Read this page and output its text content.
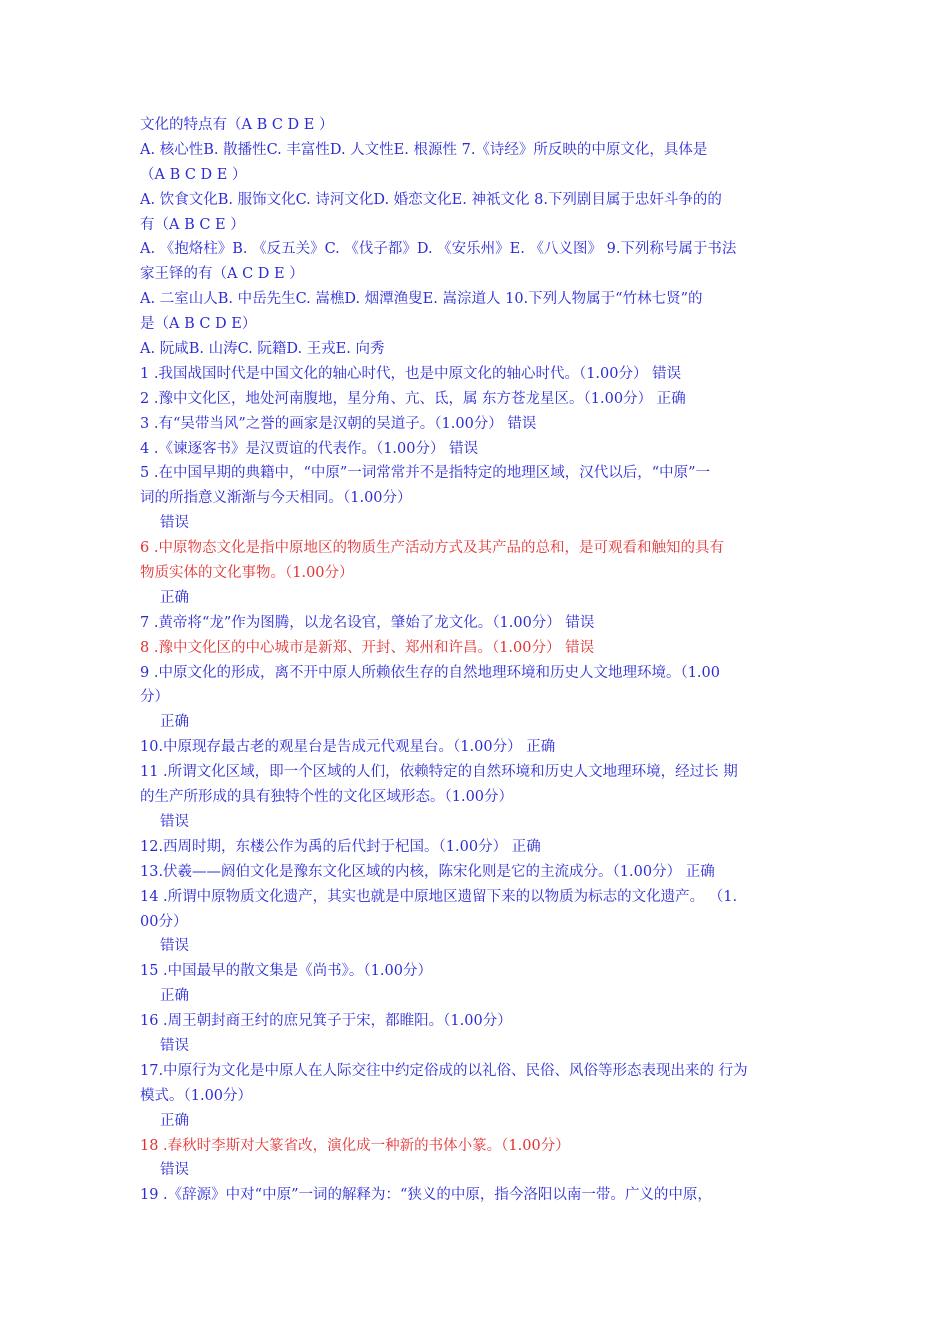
文化的特点有（A B C D E ）
A. 核心性B. 散播性C. 丰富性D. 人文性E. 根源性 7.《诗经》所反映的中原文化，具体是
（A B C D E ）
A. 饮食文化B. 服饰文化C. 诗河文化D. 婚恋文化E. 神祇文化 8.下列剧目属于忠奸斗争的的
有（A B C E ）
A. 《抱烙柱》B. 《反五关》C. 《伐子都》D. 《安乐州》E. 《八义图》 9.下列称号属于书法
家王铎的有（A C D E ）
A. 二室山人B. 中岳先生C. 嵩樵D. 烟潭渔叟E. 嵩淙道人 10.下列人物属于“竹林七贤”的
是（A B C D E）
A. 阮咸B. 山涛C. 阮籍D. 王戎E. 向秀
1 .我国战国时代是中国文化的轴心时代，也是中原文化的轴心时代。（1.00分） 错误
2 .豫中文化区，地处河南腹地，星分角、亢、氐，属 东方苍龙星区。（1.00分） 正确
3 .有“吴带当风”之誉的画家是汉朝的吴道子。（1.00分） 错误
4 .《谏逐客书》是汉贾谊的代表作。（1.00分） 错误
5 .在中国早期的典籍中，“中原”一词常常并不是指特定的地理区域，汉代以后，“中原”一
词的所指意义渐渐与今天相同。（1.00分）
错误
6 .中原物态文化是指中原地区的物质生产活动方式及其产品的总和，是可观看和触知的具有
物质实体的文化事物。（1.00分）
正确
7 .黄帝将“龙”作为图腾，以龙名设官，肇始了龙文化。（1.00分） 错误
8 .豫中文化区的中心城市是新郑、开封、郑州和许昌。（1.00分） 错误
9 .中原文化的形成，离不开中原人所赖依生存的自然地理环境和历史人文地理环境。（1.00
分）
正确
10.中原现存最古老的观星台是告成元代观星台。（1.00分） 正确
11 .所谓文化区域，即一个区域的人们，依赖特定的自然环境和历史人文地理环境，经过长 期
的生产所形成的具有独特个性的文化区域形态。（1.00分）
错误
12.西周时期，东楼公作为禹的后代封于杞国。（1.00分） 正确
13.伏羲——阏伯文化是豫东文化区域的内核，陈宋化则是它的主流成分。（1.00分） 正确
14 .所谓中原物质文化遗产，其实也就是中原地区遗留下来的以物质为标志的文化遗产。 （1.
00分）
错误
15 .中国最早的散文集是《尚书》。（1.00分）
正确
16 .周王朝封商王纣的庶兄箕子于宋，都睢阳。（1.00分）
错误
17.中原行为文化是中原人在人际交往中约定俗成的以礼俗、民俗、风俗等形态表现出来的 行为
模式。（1.00分）
正确
18 .春秋时李斯对大篆省改，演化成一种新的书体小篆。（1.00分）
错误
19 .《辞源》中对“中原”一词的解释为：“狭义的中原，指今洛阳以南一带。广义的中原，
